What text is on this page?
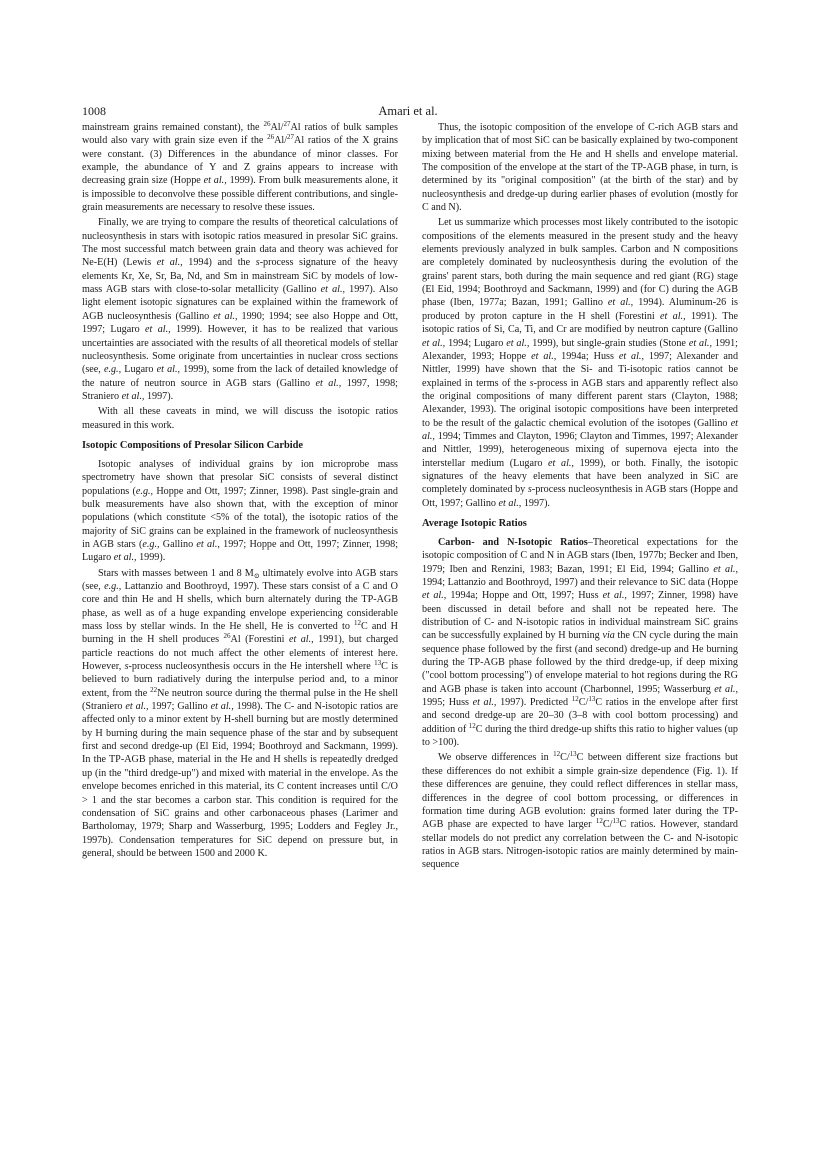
1008	Amari et al.

mainstream grains remained constant), the $^{26}$Al/$^{27}$Al ratios of bulk samples would also vary with grain size even if the $^{26}$Al/$^{27}$Al ratios of the X grains were constant. (3) Differences in the abundance of minor classes. For example, the abundance of Y and Z grains appears to increase with decreasing grain size (Hoppe et al., 1999). From bulk measurements alone, it is impossible to deconvolve these possible different contributions, and single-grain measurements are necessary to resolve these issues.

Finally, we are trying to compare the results of theoretical calculations of nucleosynthesis in stars with isotopic ratios measured in presolar SiC grains. The most successful match between grain data and theory was achieved for Ne-E(H) (Lewis et al., 1994) and the s-process signature of the heavy elements Kr, Xe, Sr, Ba, Nd, and Sm in mainstream SiC by models of low-mass AGB stars with close-to-solar metallicity (Gallino et al., 1997). Also light element isotopic signatures can be explained within the framework of AGB nucleosynthesis (Gallino et al., 1990; 1994; see also Hoppe and Ott, 1997; Lugaro et al., 1999). However, it has to be realized that various uncertainties are associated with the results of all theoretical models of stellar nucleosynthesis. Some originate from uncertainties in nuclear cross sections (see, e.g., Lugaro et al., 1999), some from the lack of detailed knowledge of the nature of neutron source in AGB stars (Gallino et al., 1997, 1998; Straniero et al., 1997).

With all these caveats in mind, we will discuss the isotopic ratios measured in this work.

Isotopic Compositions of Presolar Silicon Carbide

Isotopic analyses of individual grains by ion microprobe mass spectrometry have shown that presolar SiC consists of several distinct populations (e.g., Hoppe and Ott, 1997; Zinner, 1998). Past single-grain and bulk measurements have also shown that, with the exception of minor populations (which constitute <5% of the total), the isotopic ratios of the majority of SiC grains can be explained in the framework of nucleosynthesis in AGB stars (e.g., Gallino et al., 1997; Hoppe and Ott, 1997; Zinner, 1998; Lugaro et al., 1999).

Stars with masses between 1 and 8 $M_⊙$ ultimately evolve into AGB stars (see, e.g., Lattanzio and Boothroyd, 1997). These stars consist of a C and O core and thin He and H shells, which burn alternately during the TP-AGB phase, as well as of a huge expanding envelope experiencing considerable mass loss by stellar winds. In the He shell, He is converted to $^{12}$C and H burning in the H shell produces $^{26}$Al (Forestini et al., 1991), but charged particle reactions do not much affect the other elements of interest here. However, s-process nucleosynthesis occurs in the He intershell where $^{13}$C is believed to burn radiatively during the interpulse period and, to a minor extent, from the $^{22}$Ne neutron source during the thermal pulse in the He shell (Straniero et al., 1997; Gallino et al., 1998). The C- and N-isotopic ratios are affected only to a minor extent by H-shell burning but are mostly determined by H burning during the main sequence phase of the star and by subsequent first and second dredge-up (El Eid, 1994; Boothroyd and Sackmann, 1999). In the TP-AGB phase, material in the He and H shells is repeatedly dredged up (in the "third dredge-up") and mixed with material in the envelope. As the envelope becomes enriched in this material, its C content increases until C/O > 1 and the star becomes a carbon star. This condition is required for the condensation of SiC grains and other carbonaceous phases (Larimer and Bartholomay, 1979; Sharp and Wasserburg, 1995; Lodders and Fegley Jr., 1997b). Condensation temperatures for SiC depend on pressure but, in general, should be between 1500 and 2000 K.

Thus, the isotopic composition of the envelope of C-rich AGB stars and by implication that of most SiC can be basically explained by two-component mixing between material from the He and H shells and envelope material. The composition of the envelope at the start of the TP-AGB phase, in turn, is determined by its "original composition" (at the birth of the star) and by nucleosynthesis and dredge-up during earlier phases of evolution (mostly for C and N).

Let us summarize which processes most likely contributed to the isotopic compositions of the elements measured in the present study and the heavy elements previously analyzed in bulk samples. Carbon and N compositions are completely dominated by nucleosynthesis during the evolution of the grains' parent stars, both during the main sequence and red giant (RG) stage (El Eid, 1994; Boothroyd and Sackmann, 1999) and (for C) during the AGB phase (Iben, 1977a; Bazan, 1991; Gallino et al., 1994). Aluminum-26 is produced by proton capture in the H shell (Forestini et al., 1991). The isotopic ratios of Si, Ca, Ti, and Cr are modified by neutron capture (Gallino et al., 1994; Lugaro et al., 1999), but single-grain studies (Stone et al., 1991; Alexander, 1993; Hoppe et al., 1994a; Huss et al., 1997; Alexander and Nittler, 1999) have shown that the Si- and Ti-isotopic ratios cannot be explained in terms of the s-process in AGB stars and apparently reflect also the original compositions of many different parent stars (Clayton, 1988; Alexander, 1993). The original isotopic compositions have been interpreted to be the result of the galactic chemical evolution of the isotopes (Gallino et al., 1994; Timmes and Clayton, 1996; Clayton and Timmes, 1997; Alexander and Nittler, 1999), heterogeneous mixing of supernova ejecta into the interstellar medium (Lugaro et al., 1999), or both. Finally, the isotopic signatures of the heavy elements that have been analyzed in SiC are completely dominated by s-process nucleosynthesis in AGB stars (Hoppe and Ott, 1997; Gallino et al., 1997).

Average Isotopic Ratios

Carbon- and N-Isotopic Ratios–Theoretical expectations for the isotopic composition of C and N in AGB stars (Iben, 1977b; Becker and Iben, 1979; Iben and Renzini, 1983; Bazan, 1991; El Eid, 1994; Gallino et al., 1994; Lattanzio and Boothroyd, 1997) and their relevance to SiC data (Hoppe et al., 1994a; Hoppe and Ott, 1997; Huss et al., 1997; Zinner, 1998) have been discussed in detail before and shall not be repeated here. The distribution of C- and N-isotopic ratios in individual mainstream SiC grains can be successfully explained by H burning via the CN cycle during the main sequence phase followed by the first (and second) dredge-up and He burning during the TP-AGB phase followed by the third dredge-up, if deep mixing ("cool bottom processing") of envelope material to hot regions during the RG and AGB phase is taken into account (Charbonnel, 1995; Wasserburg et al., 1995; Huss et al., 1997). Predicted $^{12}$C/$^{13}$C ratios in the envelope after first and second dredge-up are 20–30 (3–8 with cool bottom processing) and addition of $^{12}$C during the third dredge-up shifts this ratio to higher values (up to >100).

We observe differences in $^{12}$C/$^{13}$C between different size fractions but these differences do not exhibit a simple grain-size dependence (Fig. 1). If these differences are genuine, they could reflect differences in stellar mass, differences in the degree of cool bottom processing, or differences in formation time during AGB evolution: grains formed later during the TP-AGB phase are expected to have larger $^{12}$C/$^{13}$C ratios. However, standard stellar models do not predict any correlation between the C- and N-isotopic ratios in AGB stars. Nitrogen-isotopic ratios are mainly determined by main-sequence
